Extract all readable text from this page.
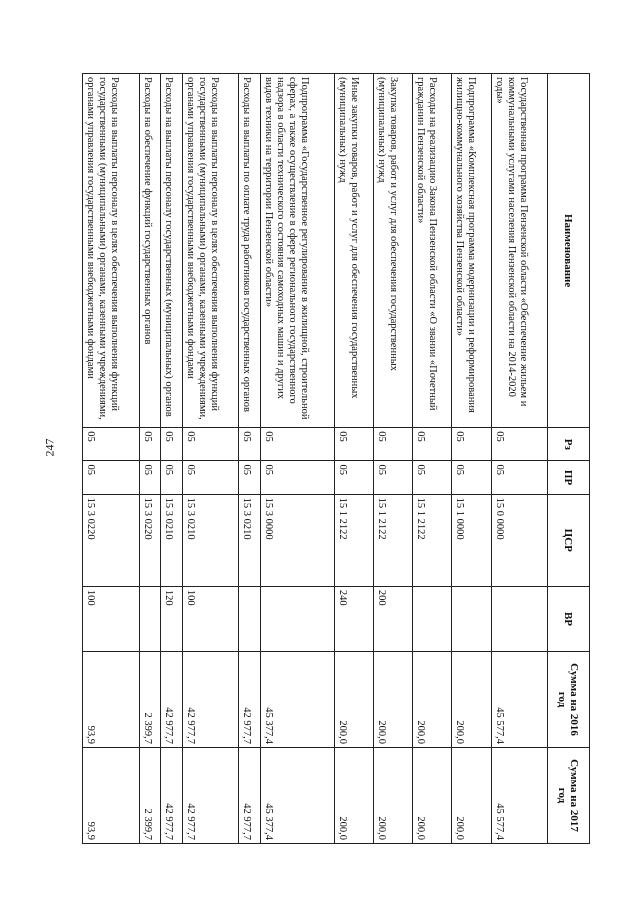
247
Наименование	Рз	ПР	ЦСР	ВР	Сумма на 2016 год	Сумма на 2017 год
Государственная программа Пензенской области «Обеспечение жильем и коммунальными услугами населения Пензенской области на 2014-2020 годы»	05	05	15 0 0000		45 577,4	45 577,4
Подпрограмма «Комплексная программа модернизации и реформирования жилищно-коммунального хозяйства Пензенской области»	05	05	15 1 0000		200,0	200,0
Расходы на реализацию Закона Пензенской области «О звании «Почетный гражданин Пензенской области»	05	05	15 1 2122		200,0	200,0
Закупка товаров, работ и услуг для обеспечения государственных (муниципальных) нужд	05	05	15 1 2122	200	200,0	200,0
Иные закупки товаров, работ и услуг для обеспечения государственных (муниципальных) нужд	05	05	15 1 2122	240	200,0	200,0
Подпрограмма «Государственное регулирование в жилищной, строительной сферах, а также осуществление в сфере регионального государственного надзора в области технического состояния самоходных машин и других видов техники на территории Пензенской области»	05	05	15 3 0000		45 377,4	45 377,4
Расходы на выплаты по оплате труда работников государственных органов	05	05	15 3 0210		42 977,7	42 977,7
Расходы на выплаты персоналу в целях обеспечения выполнения функций государственными (муниципальными) органами, казенными учреждениями, органами управления государственными внебюджетными фондами	05	05	15 3 0210	100	42 977,7	42 977,7
Расходы на выплаты персоналу государственных (муниципальных) органов	05	05	15 3 0210	120	42 977,7	42 977,7
Расходы на обеспечение функций государственных органов	05	05	15 3 0220		2 399,7	2 399,7
Расходы на выплаты персоналу в целях обеспечения выполнения функций государственными (муниципальными) органами, казенными учреждениями, органами управления государственными внебюджетными фондами	05	05	15 3 0220	100	93,9	93,9
